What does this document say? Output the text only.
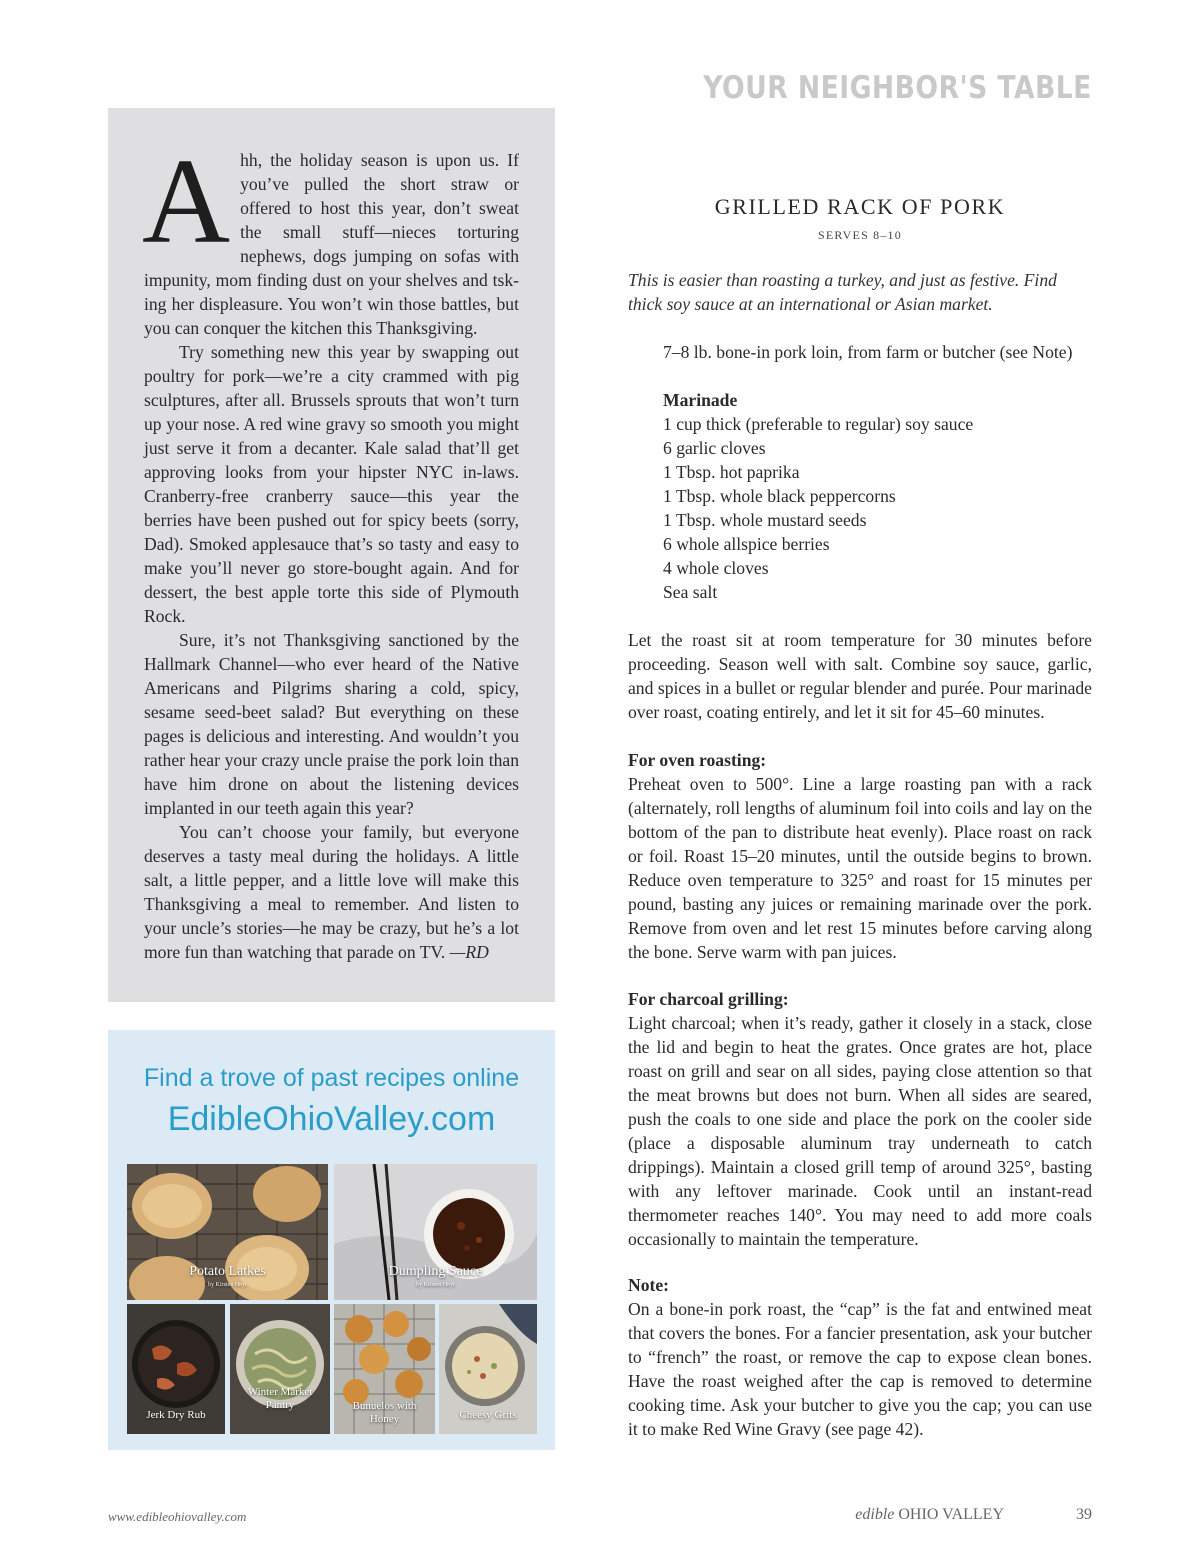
YOUR NEIGHBOR'S TABLE

Ahh, the holiday season is upon us. If you’ve pulled the short straw or offered to host this year, don’t sweat the small stuff—nieces torturing nephews, dogs jumping on sofas with impunity, mom finding dust on your shelves and tsk-ing her displeasure. You won’t win those battles, but you can conquer the kitchen this Thanksgiving.

Try something new this year by swapping out poultry for pork—we’re a city crammed with pig sculptures, after all. Brussels sprouts that won’t turn up your nose. A red wine gravy so smooth you might just serve it from a decanter. Kale salad that’ll get approving looks from your hipster NYC in-laws. Cranberry-free cranberry sauce—this year the berries have been pushed out for spicy beets (sorry, Dad). Smoked applesauce that’s so tasty and easy to make you’ll never go store-bought again. And for dessert, the best apple torte this side of Plymouth Rock.

Sure, it’s not Thanksgiving sanctioned by the Hallmark Channel—who ever heard of the Native Americans and Pilgrims sharing a cold, spicy, sesame seed-beet salad? But everything on these pages is delicious and interesting. And wouldn’t you rather hear your crazy uncle praise the pork loin than have him drone on about the listening devices implanted in our teeth again this year?

You can’t choose your family, but everyone deserves a tasty meal during the holidays. A little salt, a little pepper, and a little love will make this Thanksgiving a meal to remember. And listen to your uncle’s stories—he may be crazy, but he’s a lot more fun than watching that parade on TV. —RD

Find a trove of past recipes online
EdibleOhioValley.com
Potato Latkes
by Kirsten Hoyt
Dumpling Sauce
by Kirsten Hoyt
Jerk Dry Rub
Winter Market Pantry	Bunuelos with Honey	Cheesy Grits
GRILLED RACK OF PORK
SERVES 8–10
This is easier than roasting a turkey, and just as festive. Find thick soy sauce at an international or Asian market.
7–8 lb. bone-in pork loin, from farm or butcher (see Note)
Marinade
1 cup thick (preferable to regular) soy sauce
6 garlic cloves
1 Tbsp. hot paprika
1 Tbsp. whole black peppercorns
1 Tbsp. whole mustard seeds
6 whole allspice berries
4 whole cloves
Sea salt
Let the roast sit at room temperature for 30 minutes before proceeding. Season well with salt. Combine soy sauce, garlic, and spices in a bullet or regular blender and purée. Pour marinade over roast, coating entirely, and let it sit for 45–60 minutes.
For oven roasting:
Preheat oven to 500°. Line a large roasting pan with a rack (alternately, roll lengths of aluminum foil into coils and lay on the bottom of the pan to distribute heat evenly). Place roast on rack or foil. Roast 15–20 minutes, until the outside begins to brown. Reduce oven temperature to 325° and roast for 15 minutes per pound, basting any juices or remaining marinade over the pork. Remove from oven and let rest 15 minutes before carving along the bone. Serve warm with pan juices.
For charcoal grilling:
Light charcoal; when it’s ready, gather it closely in a stack, close the lid and begin to heat the grates. Once grates are hot, place roast on grill and sear on all sides, paying close attention so that the meat browns but does not burn. When all sides are seared, push the coals to one side and place the pork on the cooler side (place a disposable aluminum tray underneath to catch drippings). Maintain a closed grill temp of around 325°, basting with any leftover marinade. Cook until an instant-read thermometer reaches 140°. You may need to add more coals occasionally to maintain the temperature.
Note:
On a bone-in pork roast, the “cap” is the fat and entwined meat that covers the bones. For a fancier presentation, ask your butcher to “french” the roast, or remove the cap to expose clean bones. Have the roast weighed after the cap is removed to determine cooking time. Ask your butcher to give you the cap; you can use it to make Red Wine Gravy (see page 42).
www.edibleohiovalley.com	edible OHIO VALLEY	39
